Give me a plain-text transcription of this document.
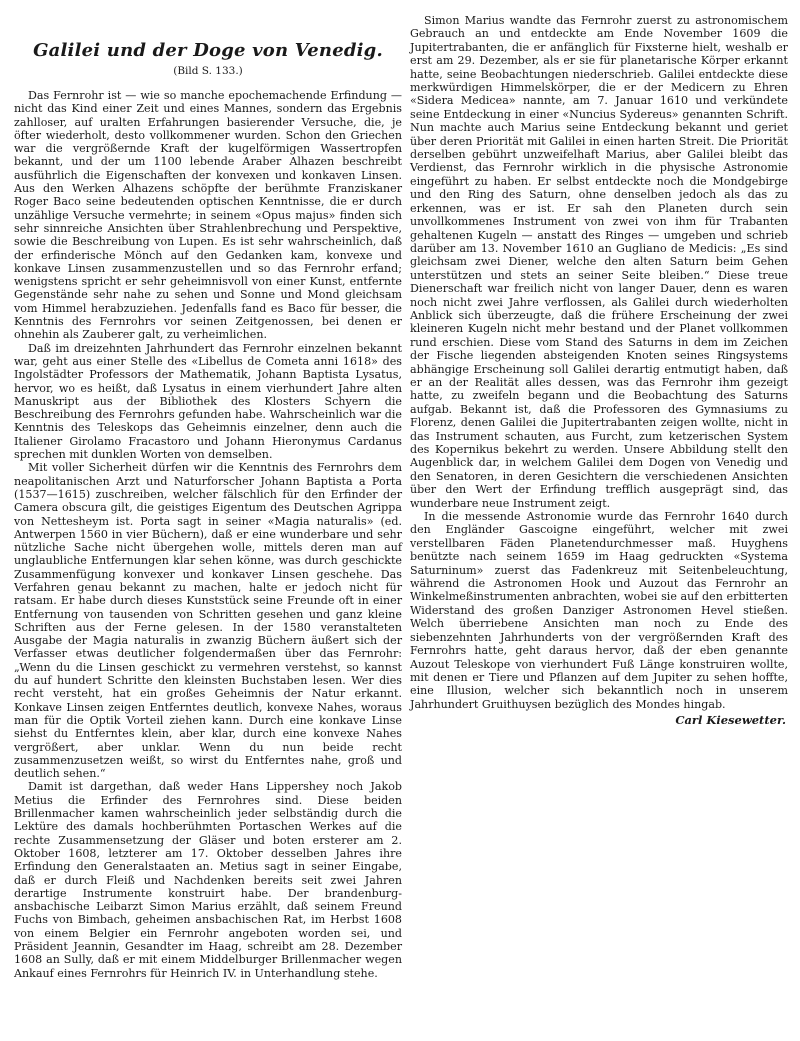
Galilei und der Doge von Venedig.
(Bild S. 133.)

Das Fernrohr ist — wie so manche epochemachende Erfindung — nicht das Kind einer Zeit und eines Mannes, sondern das Ergebnis zahlloser, auf uralten Erfahrungen basierender Versuche, die, je öfter wiederholt, desto vollkommener wurden. Schon den Griechen war die vergrößernde Kraft der kugelförmigen Wassertropfen bekannt, und der um 1100 lebende Araber Alhazen beschreibt ausführlich die Eigenschaften der konvexen und konkaven Linsen. Aus den Werken Alhazens schöpfte der berühmte Franziskaner Roger Baco seine bedeutenden optischen Kenntnisse, die er durch unzählige Versuche vermehrte; in seinem «Opus majus» finden sich sehr sinnreiche Ansichten über Strahlenbrechung und Perspektive, sowie die Beschreibung von Lupen. Es ist sehr wahrscheinlich, daß der erfinderische Mönch auf den Gedanken kam, konvexe und konkave Linsen zusammenzustellen und so das Fernrohr erfand; wenigstens spricht er sehr geheimnisvoll von einer Kunst, entfernte Gegenstände sehr nahe zu sehen und Sonne und Mond gleichsam vom Himmel herabzuziehen. Jedenfalls fand es Baco für besser, die Kenntnis des Fernrohrs vor seinen Zeitgenossen, bei denen er ohnehin als Zauberer galt, zu verheimlichen.

Daß im dreizehnten Jahrhundert das Fernrohr einzelnen bekannt war, geht aus einer Stelle des «Libellus de Cometa anni 1618» des Ingolstädter Professors der Mathematik, Johann Baptista Lysatus, hervor, wo es heißt, daß Lysatus in einem vierhundert Jahre alten Manuskript aus der Bibliothek des Klosters Schyern die Beschreibung des Fernrohrs gefunden habe. Wahrscheinlich war die Kenntnis des Teleskops das Geheimnis einzelner, denn auch die Italiener Girolamo Fracastoro und Johann Hieronymus Cardanus sprechen mit dunklen Worten von demselben.

Mit voller Sicherheit dürfen wir die Kenntnis des Fernrohrs dem neapolitanischen Arzt und Naturforscher Johann Baptista a Porta (1537—1615) zuschreiben, welcher fälschlich für den Erfinder der Camera obscura gilt, die geistiges Eigentum des Deutschen Agrippa von Nettesheym ist. Porta sagt in seiner «Magia naturalis» (ed. Antwerpen 1560 in vier Büchern), daß er eine wunderbare und sehr nützliche Sache nicht übergehen wolle, mittels deren man auf unglaubliche Entfernungen klar sehen könne, was durch geschickte Zusammenfügung konvexer und konkaver Linsen geschehe. Das Verfahren genau bekannt zu machen, halte er jedoch nicht für ratsam. Er habe durch dieses Kunststück seine Freunde oft in einer Entfernung von tausenden von Schritten gesehen und ganz kleine Schriften aus der Ferne gelesen. In der 1580 veranstalteten Ausgabe der Magia naturalis in zwanzig Büchern äußert sich der Verfasser etwas deutlicher folgendermaßen über das Fernrohr: „Wenn du die Linsen geschickt zu vermehren verstehst, so kannst du auf hundert Schritte den kleinsten Buchstaben lesen. Wer dies recht versteht, hat ein großes Geheimnis der Natur erkannt. Konkave Linsen zeigen Entferntes deutlich, konvexe Nahes, woraus man für die Optik Vorteil ziehen kann. Durch eine konkave Linse siehst du Entferntes klein, aber klar, durch eine konvexe Nahes vergrößert, aber unklar. Wenn du nun beide recht zusammenzusetzen weißt, so wirst du Entferntes nahe, groß und deutlich sehen.“

Damit ist dargethan, daß weder Hans Lippershey noch Jakob Metius die Erfinder des Fernrohres sind. Diese beiden Brillenmacher kamen wahrscheinlich jeder selbständig durch die Lektüre des damals hochberühmten Portaschen Werkes auf die rechte Zusammensetzung der Gläser und boten ersterer am 2. Oktober 1608, letzterer am 17. Oktober desselben Jahres ihre Erfindung den Generalstaaten an. Metius sagt in seiner Eingabe, daß er durch Fleiß und Nachdenken bereits seit zwei Jahren derartige Instrumente konstruirt habe. Der brandenburg-ansbachische Leibarzt Simon Marius erzählt, daß seinem Freund Fuchs von Bimbach, geheimen ansbachischen Rat, im Herbst 1608 von einem Belgier ein Fernrohr angeboten worden sei, und Präsident Jeannin, Gesandter im Haag, schreibt am 28. Dezember 1608 an Sully, daß er mit einem Middelburger Brillenmacher wegen Ankauf eines Fernrohrs für Heinrich IV. in Unterhandlung stehe.

Simon Marius wandte das Fernrohr zuerst zu astronomischem Gebrauch an und entdeckte am Ende November 1609 die Jupitertrabanten, die er anfänglich für Fixsterne hielt, weshalb er erst am 29. Dezember, als er sie für planetarische Körper erkannt hatte, seine Beobachtungen niederschrieb. Galilei entdeckte diese merkwürdigen Himmelskörper, die er der Medicern zu Ehren «Sidera Medicea» nannte, am 7. Januar 1610 und verkündete seine Entdeckung in einer «Nuncius Sydereus» genannten Schrift. Nun machte auch Marius seine Entdeckung bekannt und geriet über deren Priorität mit Galilei in einen harten Streit. Die Priorität derselben gebührt unzweifelhaft Marius, aber Galilei bleibt das Verdienst, das Fernrohr wirklich in die physische Astronomie eingeführt zu haben. Er selbst entdeckte noch die Mondgebirge und den Ring des Saturn, ohne denselben jedoch als das zu erkennen, was er ist. Er sah den Planeten durch sein unvollkommenes Instrument von zwei von ihm für Trabanten gehaltenen Kugeln — anstatt des Ringes — umgeben und schrieb darüber am 13. November 1610 an Gugliano de Medicis: „Es sind gleichsam zwei Diener, welche den alten Saturn beim Gehen unterstützen und stets an seiner Seite bleiben.“ Diese treue Dienerschaft war freilich nicht von langer Dauer, denn es waren noch nicht zwei Jahre verflossen, als Galilei durch wiederholten Anblick sich überzeugte, daß die frühere Erscheinung der zwei kleineren Kugeln nicht mehr bestand und der Planet vollkommen rund erschien. Diese vom Stand des Saturns in dem im Zeichen der Fische liegenden absteigenden Knoten seines Ringsystems abhängige Erscheinung soll Galilei derartig entmutigt haben, daß er an der Realität alles dessen, was das Fernrohr ihm gezeigt hatte, zu zweifeln begann und die Beobachtung des Saturns aufgab. Bekannt ist, daß die Professoren des Gymnasiums zu Florenz, denen Galilei die Jupitertrabanten zeigen wollte, nicht in das Instrument schauten, aus Furcht, zum ketzerischen System des Kopernikus bekehrt zu werden. Unsere Abbildung stellt den Augenblick dar, in welchem Galilei dem Dogen von Venedig und den Senatoren, in deren Gesichtern die verschiedenen Ansichten über den Wert der Erfindung trefflich ausgeprägt sind, das wunderbare neue Instrument zeigt.

In die messende Astronomie wurde das Fernrohr 1640 durch den Engländer Gascoigne eingeführt, welcher mit zwei verstellbaren Fäden Planetendurchmesser maß. Huyghens benützte nach seinem 1659 im Haag gedruckten «Systema Saturninum» zuerst das Fadenkreuz mit Seitenbeleuchtung, während die Astronomen Hook und Auzout das Fernrohr an Winkelmeßinstrumenten anbrachten, wobei sie auf den erbitterten Widerstand des großen Danziger Astronomen Hevel stießen. Welch überriebene Ansichten man noch zu Ende des siebenzehnten Jahrhunderts von der vergrößernden Kraft des Fernrohrs hatte, geht daraus hervor, daß der eben genannte Auzout Teleskope von vierhundert Fuß Länge konstruiren wollte, mit denen er Tiere und Pflanzen auf dem Jupiter zu sehen hoffte, eine Illusion, welcher sich bekanntlich noch in unserem Jahrhundert Gruithuysen bezüglich des Mondes hingab.

Carl Kiesewetter.
